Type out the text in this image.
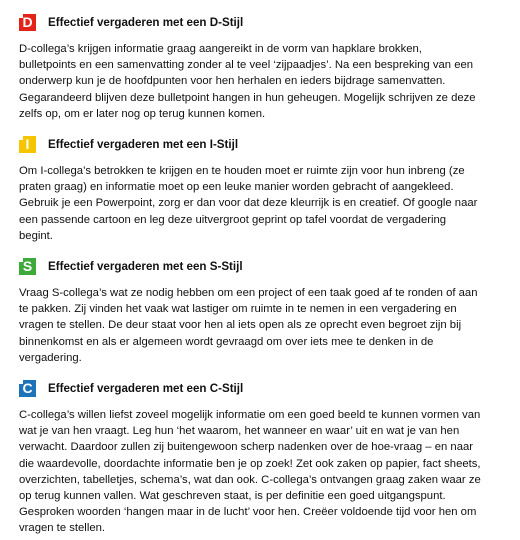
D Effectief vergaderen met een D-Stijl
D-collega’s krijgen informatie graag aangereikt in de vorm van hapklare brokken,
bulletpoints en een samenvatting zonder al te veel ‘zijpaadjes’. Na een bespreking van een
onderwerp kun je de hoofdpunten voor hen herhalen en ieders bijdrage samenvatten.
Gegarandeerd blijven deze bulletpoint hangen in hun geheugen. Mogelijk schrijven ze deze
zelfs op, om er later nog op terug kunnen komen.
I	Effectief vergaderen met een I-Stijl
Om I-collega’s betrokken te krijgen en te houden moet er ruimte zijn voor hun inbreng (ze
praten graag) en informatie moet op een leuke manier worden gebracht of aangekleed.
Gebruik je een Powerpoint, zorg er dan voor dat deze kleurrijk is en creatief. Of google naar
een passende cartoon en leg deze uitvergroot geprint op tafel voordat de vergadering
begint.
S	Effectief vergaderen met een S-Stijl
Vraag S-collega’s wat ze nodig hebben om een project of een taak goed af te ronden of aan
te pakken. Zij vinden het vaak wat lastiger om ruimte in te nemen in een vergadering en
vragen te stellen. De deur staat voor hen al iets open als ze oprecht even begroet zijn bij
binnenkomst en als er algemeen wordt gevraagd om over iets mee te denken in de
vergadering.
C Effectief vergaderen met een C-Stijl
C-collega’s willen liefst zoveel mogelijk informatie om een goed beeld te kunnen vormen van
wat je van hen vraagt. Leg hun ‘het waarom, het wanneer en waar’ uit en wat je van hen
verwacht. Daardoor zullen zij buitengewoon scherp nadenken over de hoe-vraag – en naar
die waardevolle, doordachte informatie ben je op zoek! Zet ook zaken op papier, fact sheets,
overzichten, tabelletjes, schema’s, wat dan ook. C-collega’s ontvangen graag zaken waar ze
op terug kunnen vallen. Wat geschreven staat, is per definitie een goed uitgangspunt.
Gesproken woorden ‘hangen maar in de lucht’ voor hen. Creëer voldoende tijd voor hen om
vragen te stellen.
